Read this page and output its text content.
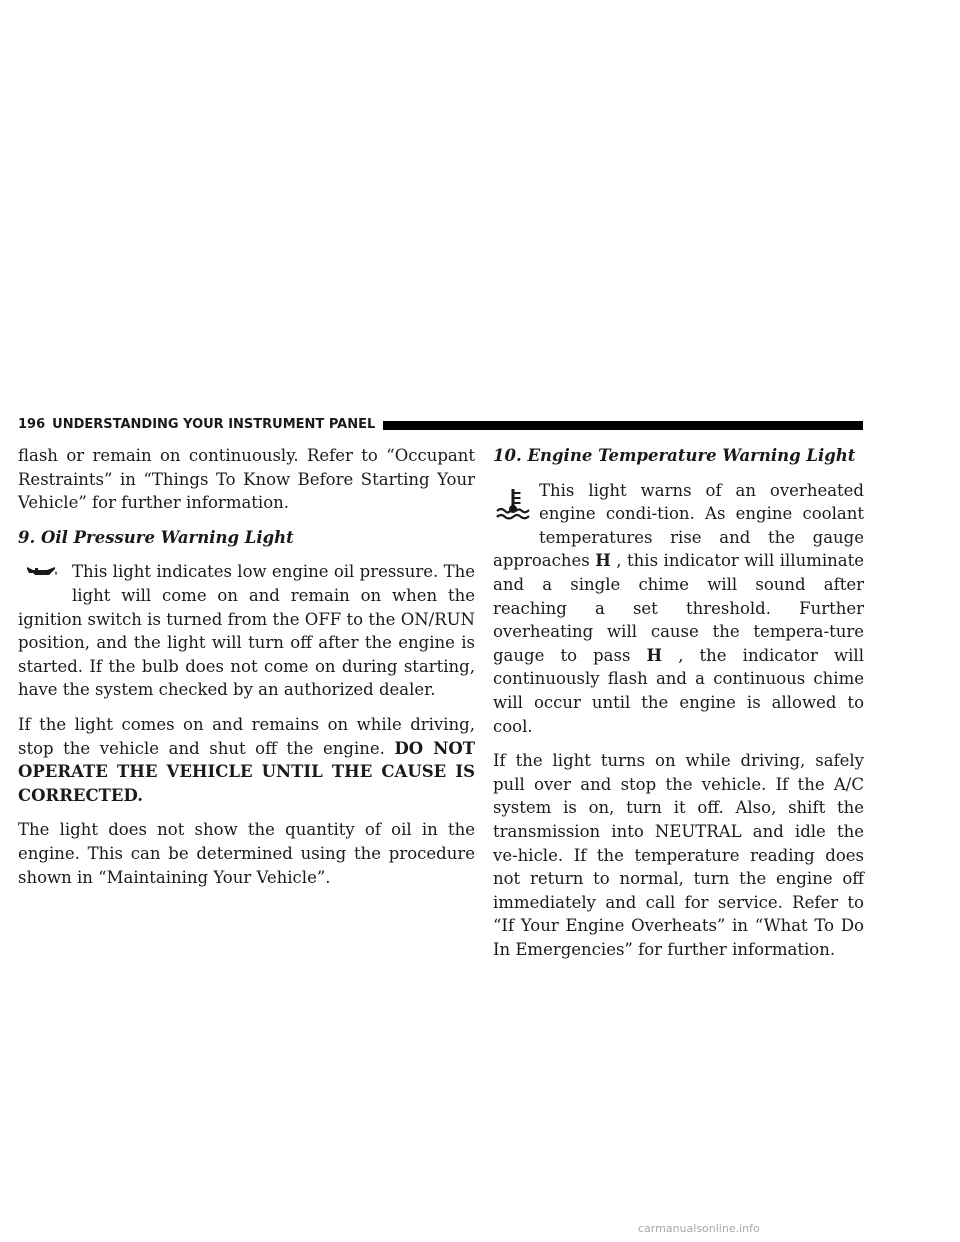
196 UNDERSTANDING YOUR INSTRUMENT PANEL

flash or remain on continuously. Refer to “Occupant Restraints” in “Things To Know Before Starting Your Vehicle” for further information.

9. Oil Pressure Warning Light

This light indicates low engine oil pressure. The light will come on and remain on when the ignition switch is turned from the OFF to the ON/RUN position, and the light will turn off after the engine is started. If the bulb does not come on during starting, have the system checked by an authorized dealer.

If the light comes on and remains on while driving, stop the vehicle and shut off the engine. DO NOT OPERATE THE VEHICLE UNTIL THE CAUSE IS CORRECTED.

The light does not show the quantity of oil in the engine. This can be determined using the procedure shown in “Maintaining Your Vehicle”.

10. Engine Temperature Warning Light

This light warns of an overheated engine condi-tion. As engine coolant temperatures rise and the gauge approaches H , this indicator will illuminate and a single chime will sound after reaching a set threshold. Further overheating will cause the tempera-ture gauge to pass H , the indicator will continuously flash and a continuous chime will occur until the engine is allowed to cool.

If the light turns on while driving, safely pull over and stop the vehicle. If the A/C system is on, turn it off. Also, shift the transmission into NEUTRAL and idle the ve-hicle. If the temperature reading does not return to normal, turn the engine off immediately and call for service. Refer to “If Your Engine Overheats” in “What To Do In Emergencies” for further information.

carmanualsonline.info
